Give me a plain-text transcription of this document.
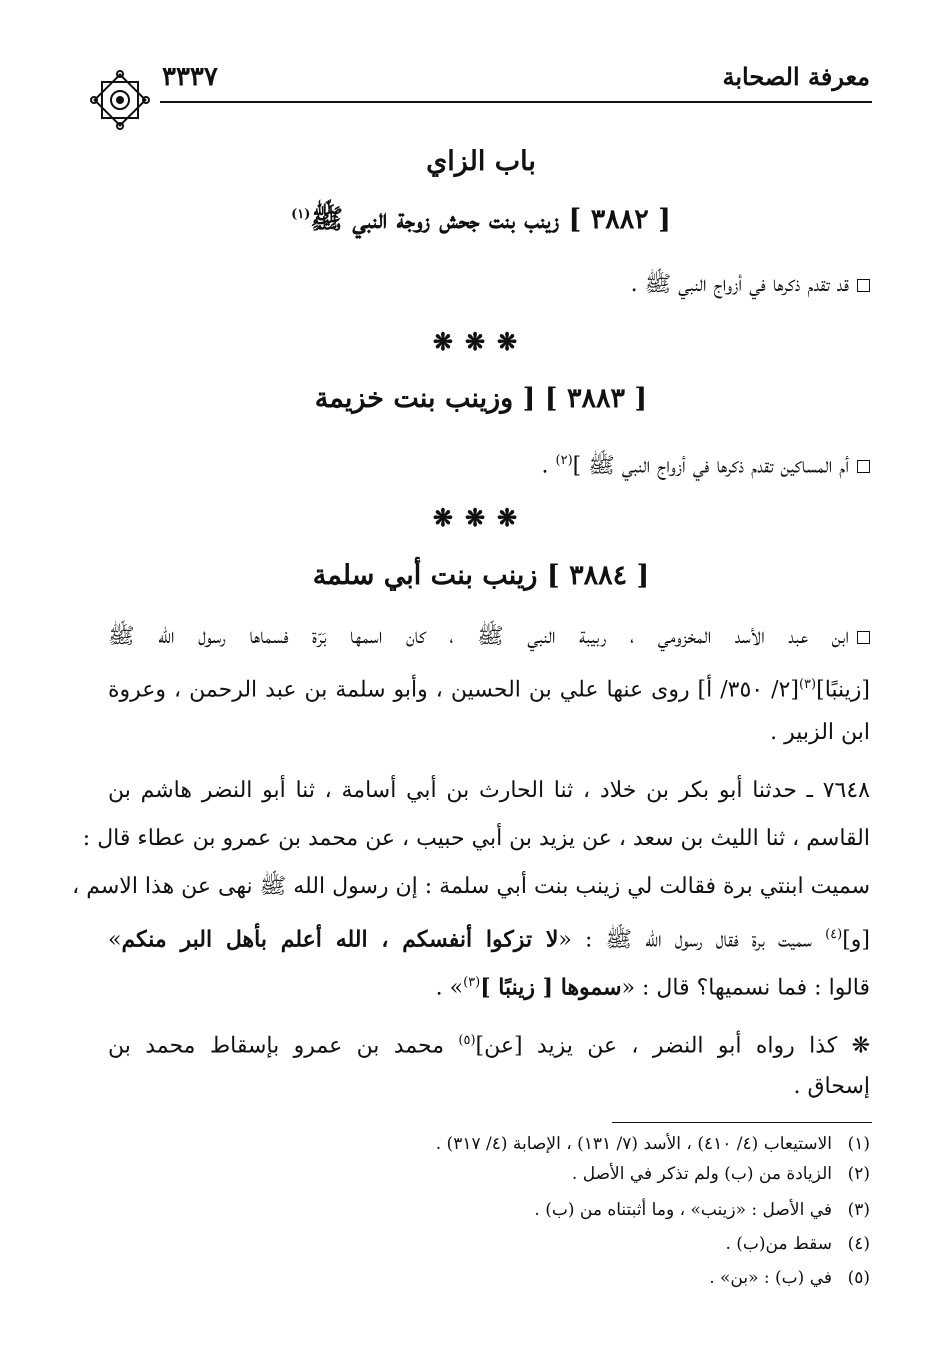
معرفة الصحابة
٣٣٣٧
باب الزاي
[ ٣٨٨٢ ] زينب بنت جحش زوجة النبي ﷺ$^{(١)}$
قد تقدم ذكرها في أزواج النبي ﷺ .
❋❋❋
[ ٣٨٨٣ ] [ وزينب بنت خزيمة
أم المساكين تقدم ذكرها في أزواج النبي ﷺ ]$^{(٢)}$ .
❋❋❋
[ ٣٨٨٤ ] زينب بنت أبي سلمة
ابن عبد الأسد المخزومي ، ربيبة النبي ﷺ ، كان اسمها بَرّة فسماها رسول الله ﷺ
[زينبًا]$^{(٣)}$[٢/ ٣٥٠/ أ] روى عنها علي بن الحسين ، وأبو سلمة بن عبد الرحمن ، وعروة
ابن الزبير .
٧٦٤٨ ـ حدثنا أبو بكر بن خلاد ، ثنا الحارث بن أبي أسامة ، ثنا أبو النضر هاشم بن
القاسم ، ثنا الليث بن سعد ، عن يزيد بن أبي حبيب ، عن محمد بن عمرو بن عطاء قال :
سميت ابنتي برة فقالت لي زينب بنت أبي سلمة : إن رسول الله ﷺ نهى عن هذا الاسم ،
[و]$^{(٤)}$ سميت برة فقال رسول الله ﷺ : «لا تزكوا أنفسكم ، الله أعلم بأهل البر منكم»
قالوا : فما نسميها؟ قال : «سموها [ زينبًا ]$^{(٣)}$» .
❋ كذا رواه أبو النضر ، عن يزيد [عن]$^{(٥)}$ محمد بن عمرو بإسقاط محمد بن
إسحاق .
(١)الاستيعاب (٤/ ٤١٠) ، الأسد (٧/ ١٣١) ، الإصابة (٤/ ٣١٧) .
(٢)الزيادة من (ب) ولم تذكر في الأصل .
(٣)في الأصل : «زينب» ، وما أثبتناه من (ب) .
(٤)سقط من(ب) .
(٥)في (ب) : «بن» .
